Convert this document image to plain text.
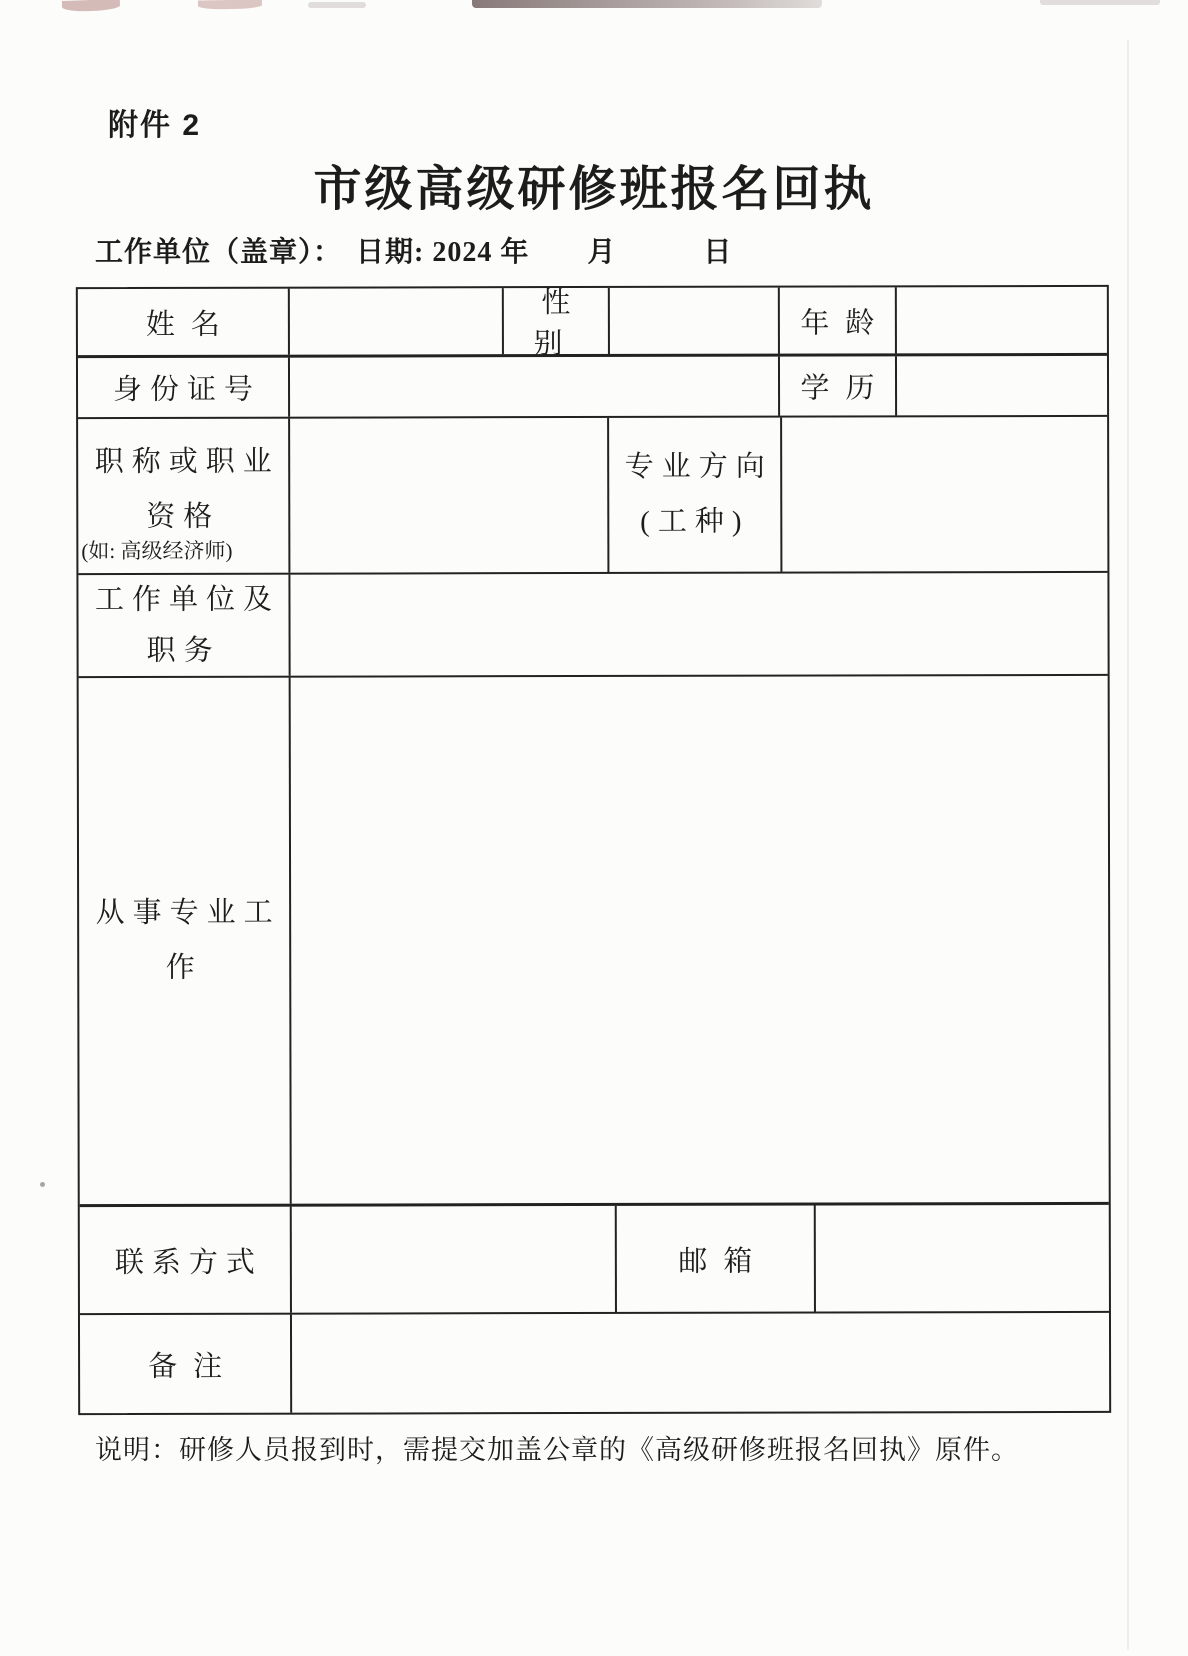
附件 2
市级高级研修班报名回执
工作单位（盖章）： 日期: 2024 年　　月　　　日
姓名
性别
年龄
身份证号	学历
职称或职业
资格
(如: 高级经济师)
专业方向
(工种)
工作单位及
职务
从事专业工
作
联系方式	邮箱
备注
说明：研修人员报到时，需提交加盖公章的《高级研修班报名回执》原件。
